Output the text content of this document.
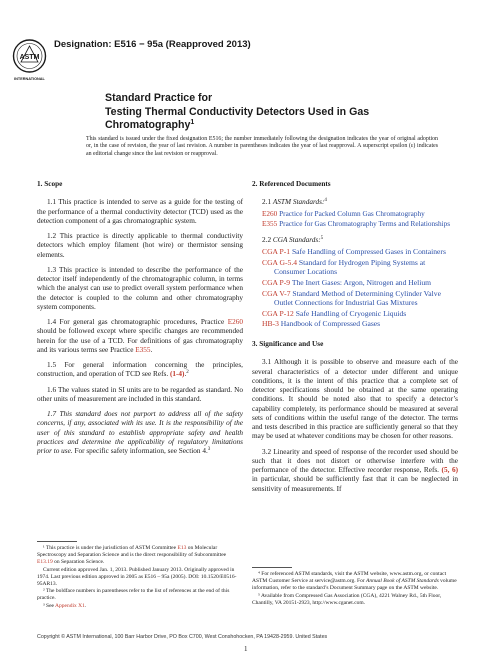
ASTM
INTERNATIONAL
Designation: E516 − 95a (Reapproved 2013)
Standard Practice for
Testing Thermal Conductivity Detectors Used in Gas Chromatography$^1$
This standard is issued under the fixed designation E516; the number immediately following the designation indicates the year of original adoption or, in the case of revision, the year of last revision. A number in parentheses indicates the year of last reapproval. A superscript epsilon (ε) indicates an editorial change since the last revision or reapproval.
1. Scope

1.1 This practice is intended to serve as a guide for the testing of the performance of a thermal conductivity detector (TCD) used as the detection component of a gas chromatographic system.

1.2 This practice is directly applicable to thermal conductivity detectors which employ filament (hot wire) or thermistor sensing elements.

1.3 This practice is intended to describe the performance of the detector itself independently of the chromatographic column, in terms which the analyst can use to predict overall system performance when the detector is coupled to the column and other chromatography system components.

1.4 For general gas chromatographic procedures, Practice E260 should be followed except where specific changes are recommended herein for the use of a TCD. For definitions of gas chromatography and its various terms see Practice E355.

1.5 For general information concerning the principles, construction, and operation of TCD see Refs. (1-4).$^2$

1.6 The values stated in SI units are to be regarded as standard. No other units of measurement are included in this standard.

1.7 This standard does not purport to address all of the safety concerns, if any, associated with its use. It is the responsibility of the user of this standard to establish appropriate safety and health practices and determine the applicability of regulatory limitations prior to use. For specific safety information, see Section 4.$^3$

2. Referenced Documents
2.1 ASTM Standards:$^4$
E260 Practice for Packed Column Gas Chromatography
E355 Practice for Gas Chromatography Terms and Relationships
2.2 CGA Standards:$^5$
CGA P-1 Safe Handling of Compressed Gases in Containers
CGA G-5.4 Standard for Hydrogen Piping Systems at Consumer Locations
CGA P-9 The Inert Gases: Argon, Nitrogen and Helium
CGA V-7 Standard Method of Determining Cylinder Valve Outlet Connections for Industrial Gas Mixtures
CGA P-12 Safe Handling of Cryogenic Liquids
HB-3 Handbook of Compressed Gases
3. Significance and Use

3.1 Although it is possible to observe and measure each of the several characteristics of a detector under different and unique conditions, it is the intent of this practice that a complete set of detector specifications should be obtained at the same operating conditions. It should be noted also that to specify a detector’s capability completely, its performance should be measured at several sets of conditions within the useful range of the detector. The terms and tests described in this practice are sufficiently general so that they may be used at whatever conditions may be chosen for other reasons.

3.2 Linearity and speed of response of the recorder used should be such that it does not distort or otherwise interfere with the performance of the detector. Effective recorder response, Refs. (5, 6) in particular, should be sufficiently fast that it can be neglected in sensitivity of measurements. If

¹ This practice is under the jurisdiction of ASTM Committee E13 on Molecular Spectroscopy and Separation Science and is the direct responsibility of Subcommittee E13.19 on Separation Science.

Current edition approved Jan. 1, 2013. Published January 2013. Originally approved in 1974. Last previous edition approved in 2005 as E516 – 95a (2005). DOI: 10.1520/E0516-95AR13.

² The boldface numbers in parentheses refer to the list of references at the end of this practice.

³ See Appendix X1.

⁴ For referenced ASTM standards, visit the ASTM website, www.astm.org, or contact ASTM Customer Service at service@astm.org. For Annual Book of ASTM Standards volume information, refer to the standard’s Document Summary page on the ASTM website.

⁵ Available from Compressed Gas Association (CGA), 4221 Walney Rd., 5th Floor, Chantilly, VA 20151-2923, http://www.cganet.com.

Copyright © ASTM International, 100 Barr Harbor Drive, PO Box C700, West Conshohocken, PA 19428-2959. United States
1
